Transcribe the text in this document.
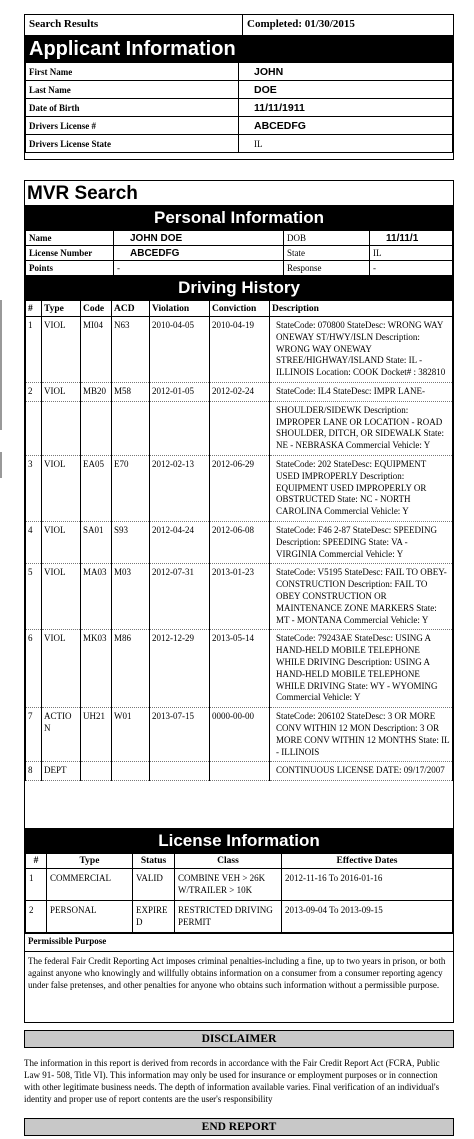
Search Results	Completed: 01/30/2015
Applicant Information
First Name	JOHN
Last Name	DOE
Date of Birth	11/11/1911
Drivers License #	ABCEDFG
Drivers License State	IL
MVR Search
Personal Information
Name	JOHN DOE	DOB	11/11/1
License Number	ABCEDFG	State	IL
Points	-	Response	-
Driving History
#	Type	Code	ACD	Violation	Conviction	Description
1	VIOL	MI04	N63	2010-04-05	2010-04-19	StateCode: 070800 StateDesc: WRONG WAY ONEWAY ST/HWY/ISLN Description: WRONG WAY ONEWAY STREE/HIGHWAY/ISLAND State: IL - ILLINOIS Location: COOK Docket# : 382810
2	VIOL	MB20	M58	2012-01-05	2012-02-24	StateCode: IL4 StateDesc: IMPR LANE-
						SHOULDER/SIDEWK Description: IMPROPER LANE OR LOCATION - ROAD SHOULDER, DITCH, OR SIDEWALK State: NE - NEBRASKA Commercial Vehicle: Y
3	VIOL	EA05	E70	2012-02-13	2012-06-29	StateCode: 202 StateDesc: EQUIPMENT USED IMPROPERLY Description: EQUIPMENT USED IMPROPERLY OR OBSTRUCTED State: NC - NORTH CAROLINA Commercial Vehicle: Y
4	VIOL	SA01	S93	2012-04-24	2012-06-08	StateCode: F46 2-87 StateDesc: SPEEDING Description: SPEEDING State: VA - VIRGINIA Commercial Vehicle: Y
5	VIOL	MA03	M03	2012-07-31	2013-01-23	StateCode: V5195 StateDesc: FAIL TO OBEY-CONSTRUCTION Description: FAIL TO OBEY CONSTRUCTION OR MAINTENANCE ZONE MARKERS State: MT - MONTANA Commercial Vehicle: Y
6	VIOL	MK03	M86	2012-12-29	2013-05-14	StateCode: 79243AE StateDesc: USING A HAND-HELD MOBILE TELEPHONE WHILE DRIVING Description: USING A HAND-HELD MOBILE TELEPHONE WHILE DRIVING State: WY - WYOMING Commercial Vehicle: Y
7	ACTIO N	UH21	W01	2013-07-15	0000-00-00	StateCode: 206102 StateDesc: 3 OR MORE CONV WITHIN 12 MON Description: 3 OR MORE CONV WITHIN 12 MONTHS State: IL - ILLINOIS
8	DEPT					CONTINUOUS LICENSE DATE: 09/17/2007
License Information
#	Type	Status	Class	Effective Dates
1	COMMERCIAL	VALID	COMBINE VEH > 26K W/TRAILER > 10K	2012-11-16 To 2016-01-16
2	PERSONAL	EXPIRE D	RESTRICTED DRIVING PERMIT	2013-09-04 To 2013-09-15
Permissible Purpose
The federal Fair Credit Reporting Act imposes criminal penalties-including a fine, up to two years in prison, or both against anyone who knowingly and willfully obtains information on a consumer from a consumer reporting agency under false pretenses, and other penalties for anyone who obtains such information without a permissible purpose.
DISCLAIMER
The information in this report is derived from records in accordance with the Fair Credit Report Act (FCRA, Public Law 91- 508, Title VI). This information may only be used for insurance or employment purposes or in connection with other legitimate business needs. The depth of information available varies. Final verification of an individual's identity and proper use of report contents are the user's responsibility
END REPORT
